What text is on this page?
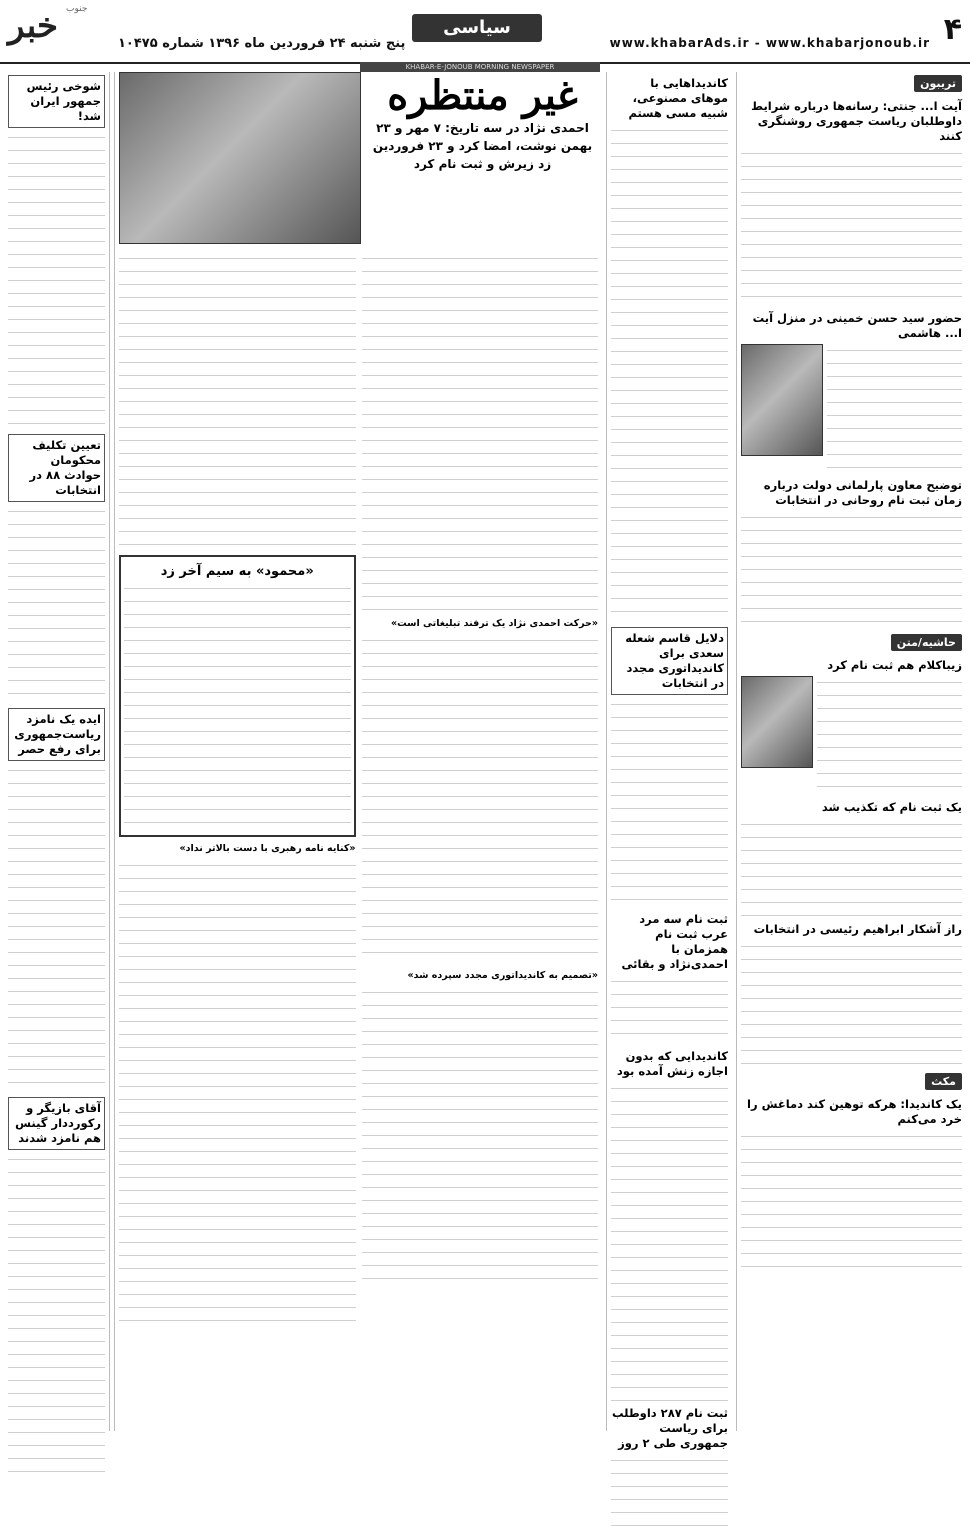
خبر جنوب
پنج شنبه ۲۴ فروردین ماه ۱۳۹۶ شماره ۱۰۴۷۵
سیاسی
www.khabarAds.ir - www.khabarjonoub.ir ۴
KHABAR-E-JONOUB MORNING NEWSPAPER
تریبون
آیت ا... جنتی: رسانه‌ها درباره شرایط داوطلبان ریاست جمهوری روشنگری کنند
حضور سید حسن خمینی در منزل آیت ا... هاشمی
توضیح معاون پارلمانی دولت درباره زمان ثبت نام روحانی در انتخابات
حاشیه/متن
زیباکلام هم ثبت نام کرد
یک ثبت نام که تکذیب شد
راز آشکار ابراهیم رئیسی در انتخابات
مکث
یک کاندیدا: هرکه توهین کند دماغش را خرد می‌کنم
کاندیداهایی با موهای مصنوعی، شبیه مسی هستم
دلایل قاسم شعله سعدی برای کاندیداتوری مجدد در انتخابات
ثبت نام سه مرد عرب ثبت نام همزمان با احمدی‌نژاد و بقائی
کاندیدایی که بدون اجازه زنش آمده بود
ثبت نام ۲۸۷ داوطلب برای ریاست جمهوری طی ۲ روز
غیر منتظره
احمدی نژاد در سه تاریخ: ۷ مهر و ۲۳ بهمن نوشت، امضا کرد و ۲۳ فروردین زد زیرش و ثبت نام کرد
«حرکت احمدی نژاد یک ترفند تبلیغاتی است»
«تصمیم به کاندیداتوری مجدد سپرده شد»
«محمود» به سیم آخر زد
«کنایه نامه رهبری با دست بالاتر نداد»
شوخی رئیس جمهور ایران شد!
تعیین تکلیف محکومان حوادث ۸۸ در انتخابات
ایده یک نامزد ریاست‌جمهوری برای رفع حصر
آقای بازیگر و رکورددار گینس هم نامزد شدند
